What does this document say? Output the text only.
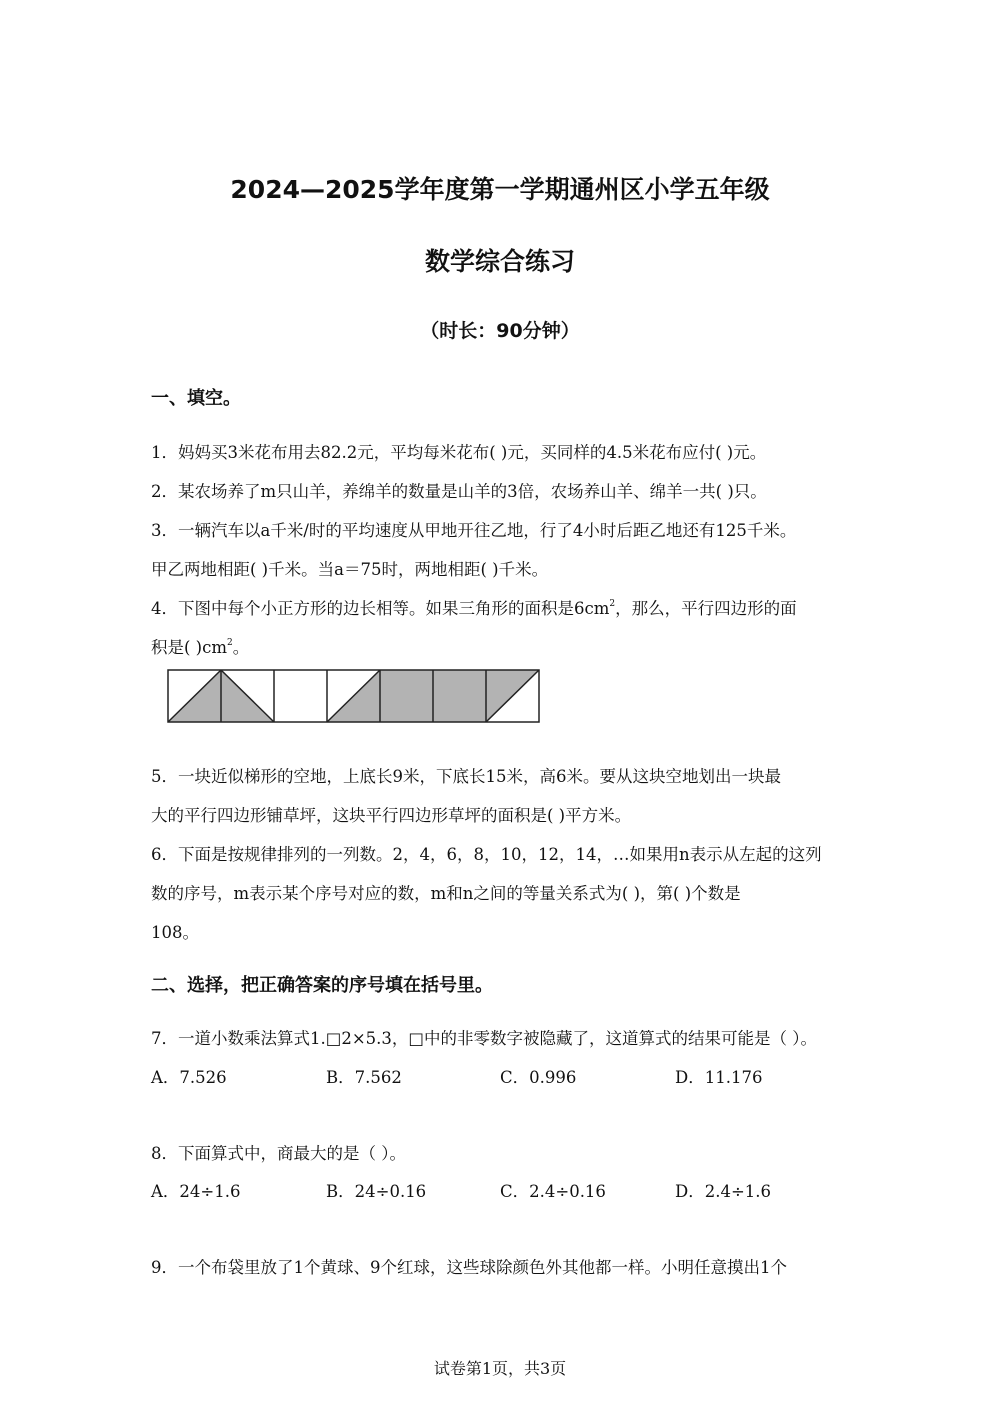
2024—2025学年度第一学期通州区小学五年级
数学综合练习
（时长：90分钟）
一、填空。
1．妈妈买3米花布用去82.2元，平均每米花布( )元，买同样的4.5米花布应付( )元。
2．某农场养了m只山羊，养绵羊的数量是山羊的3倍，农场养山羊、绵羊一共( )只。
3．一辆汽车以a千米/时的平均速度从甲地开往乙地，行了4小时后距乙地还有125千米。
甲乙两地相距( )千米。当a＝75时，两地相距( )千米。
4．下图中每个小正方形的边长相等。如果三角形的面积是$6cm^2$，那么，平行四边形的面
积是( )$cm^2$。
5．一块近似梯形的空地，上底长9米，下底长15米，高6米。要从这块空地划出一块最
大的平行四边形铺草坪，这块平行四边形草坪的面积是( )平方米。
6．下面是按规律排列的一列数。2，4，6，8，10，12，14，…如果用n表示从左起的这列
数的序号，m表示某个序号对应的数，m和n之间的等量关系式为( )，第( )个数是
108。
二、选择，把正确答案的序号填在括号里。
7．一道小数乘法算式1.□2×5.3，□中的非零数字被隐藏了，这道算式的结果可能是（ ）。
A．7.526	B．7.562	C．0.996	D．11.176
8．下面算式中，商最大的是（ ）。
A．24÷1.6	B．24÷0.16	C．2.4÷0.16	D．2.4÷1.6
9．一个布袋里放了1个黄球、9个红球，这些球除颜色外其他都一样。小明任意摸出1个
试卷第1页，共3页
